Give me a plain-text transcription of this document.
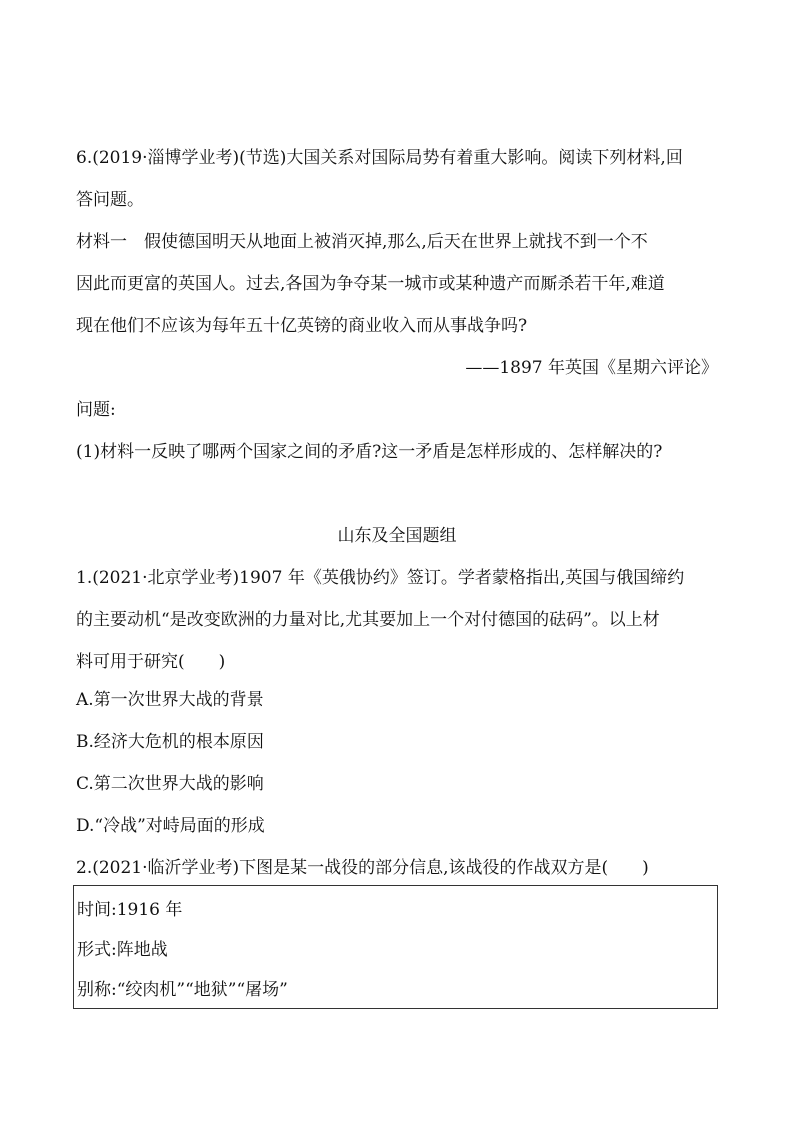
6.(2019·淄博学业考)(节选)大国关系对国际局势有着重大影响。阅读下列材料,回
答问题。
材料一　假使德国明天从地面上被消灭掉,那么,后天在世界上就找不到一个不
因此而更富的英国人。过去,各国为争夺某一城市或某种遗产而厮杀若干年,难道
现在他们不应该为每年五十亿英镑的商业收入而从事战争吗?
——1897 年英国《星期六评论》
问题:
(1)材料一反映了哪两个国家之间的矛盾?这一矛盾是怎样形成的、怎样解决的?
山东及全国题组
1.(2021·北京学业考)1907 年《英俄协约》签订。学者蒙格指出,英国与俄国缔约
的主要动机“是改变欧洲的力量对比,尤其要加上一个对付德国的砝码”。以上材
料可用于研究(　　)
A.第一次世界大战的背景
B.经济大危机的根本原因
C.第二次世界大战的影响
D.“冷战”对峙局面的形成
2.(2021·临沂学业考)下图是某一战役的部分信息,该战役的作战双方是(　　)
时间:1916 年
形式:阵地战
别称:“绞肉机”“地狱”“屠场”
